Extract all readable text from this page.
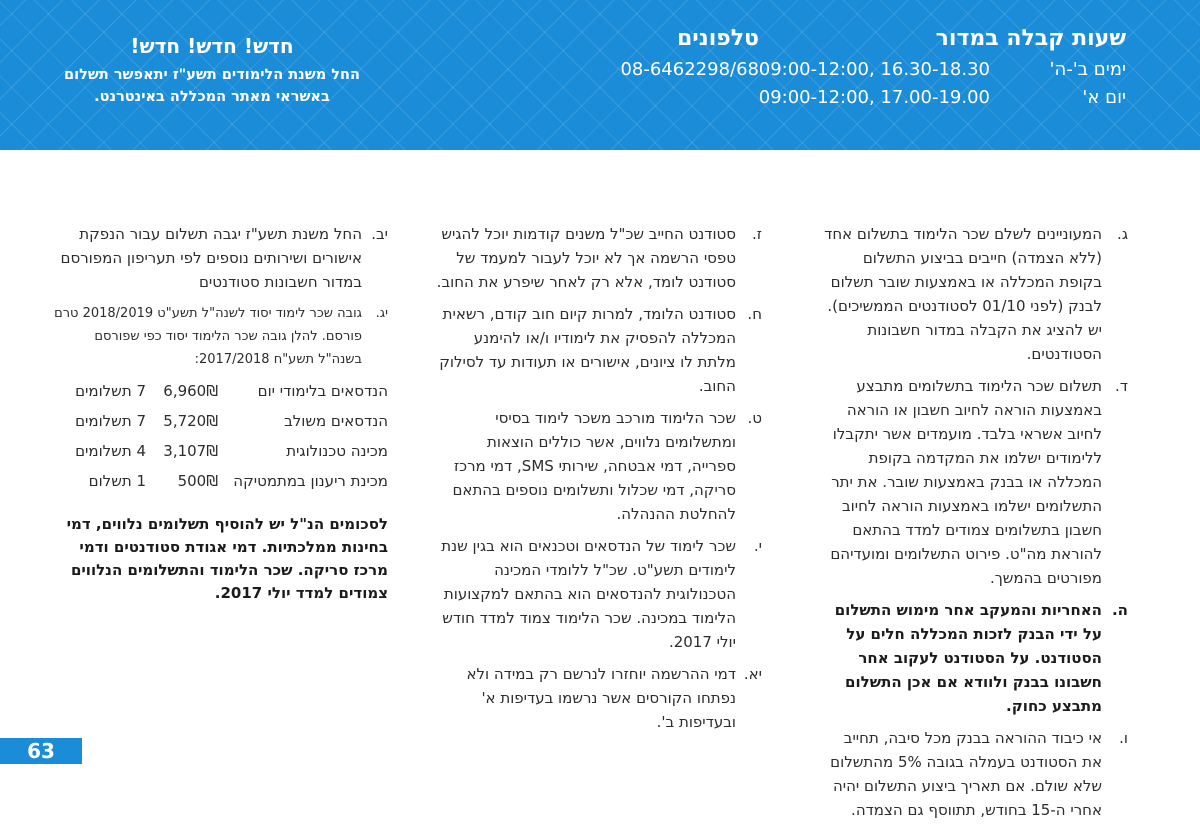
שעות קבלה במדור
ימים ב'-ה'
09:00-12:00, 16.30-18.30
יום א'
09:00-12:00, 17.00-19.00
טלפונים
08-6462298/68
חדש! חדש! חדש!

החל משנת הלימודים תשע"ז יתאפשר תשלום באשראי מאתר המכללה באינטרנט.

ג.
המעוניינים לשלם שכר הלימוד בתשלום אחד (ללא הצמדה) חייבים בביצוע התשלום בקופת המכללה או באמצעות שובר תשלום לבנק (לפני 01/10 לסטודנטים הממשיכים). יש להציג את הקבלה במדור חשבונות הסטודנטים.
ד.
תשלום שכר הלימוד בתשלומים מתבצע באמצעות הוראה לחיוב חשבון או הוראה לחיוב אשראי בלבד. מועמדים אשר יתקבלו ללימודים ישלמו את המקדמה בקופת המכללה או בבנק באמצעות שובר. את יתר התשלומים ישלמו באמצעות הוראה לחיוב חשבון בתשלומים צמודים למדד בהתאם להוראת מה"ט. פירוט התשלומים ומועדיהם מפורטים בהמשך.
ה.
האחריות והמעקב אחר מימוש התשלום על ידי הבנק לזכות המכללה חלים על הסטודנט. על הסטודנט לעקוב אחר חשבונו בבנק ולוודא אם אכן התשלום מתבצע כחוק.
ו.
אי כיבוד ההוראה בבנק מכל סיבה, תחייב את הסטודנט בעמלה בגובה 5% מהתשלום שלא שולם. אם תאריך ביצוע התשלום יהיה אחרי ה-15 בחודש, תתווסף גם הצמדה.
ז.
סטודנט החייב שכ"ל משנים קודמות יוכל להגיש טפסי הרשמה אך לא יוכל לעבור למעמד של סטודנט לומד, אלא רק לאחר שיפרע את החוב.
ח.
סטודנט הלומד, למרות קיום חוב קודם, רשאית המכללה להפסיק את לימודיו ו/או להימנע מלתת לו ציונים, אישורים או תעודות עד לסילוק החוב.
ט.
שכר הלימוד מורכב משכר לימוד בסיסי ומתשלומים נלווים, אשר כוללים הוצאות ספרייה, דמי אבטחה, שירותי SMS, דמי מרכז סריקה, דמי שכלול ותשלומים נוספים בהתאם להחלטת ההנהלה.
י.
שכר לימוד של הנדסאים וטכנאים הוא בגין שנת לימודים תשע"ט. שכ"ל ללומדי המכינה הטכנולוגית להנדסאים הוא בהתאם למקצועות הלימוד במכינה. שכר הלימוד צמוד למדד חודש יולי 2017.
יא.
דמי ההרשמה יוחזרו לנרשם רק במידה ולא נפתחו הקורסים אשר נרשמו בעדיפות א' ובעדיפות ב'.
יב.
החל משנת תשע"ז יגבה תשלום עבור הנפקת אישורים ושירותים נוספים לפי תעריפון המפורסם במדור חשבונות סטודנטים
יג.
גובה שכר לימוד יסוד לשנה"ל תשע"ט 2018/2019 טרם פורסם. להלן גובה שכר הלימוד יסוד כפי שפורסם בשנה"ל תשע"ח 2017/2018:
הנדסאים בלימודי יום
6,960₪
7 תשלומים
הנדסאים משולב
5,720₪
7 תשלומים
מכינה טכנולוגית
3,107₪
4 תשלומים
מכינת ריענון במתמטיקה
500₪
1 תשלום
לסכומים הנ"ל יש להוסיף תשלומים נלווים, דמי בחינות ממלכתיות. דמי אגודת סטודנטים ודמי מרכז סריקה. שכר הלימוד והתשלומים הנלווים צמודים למדד יולי 2017.
63
